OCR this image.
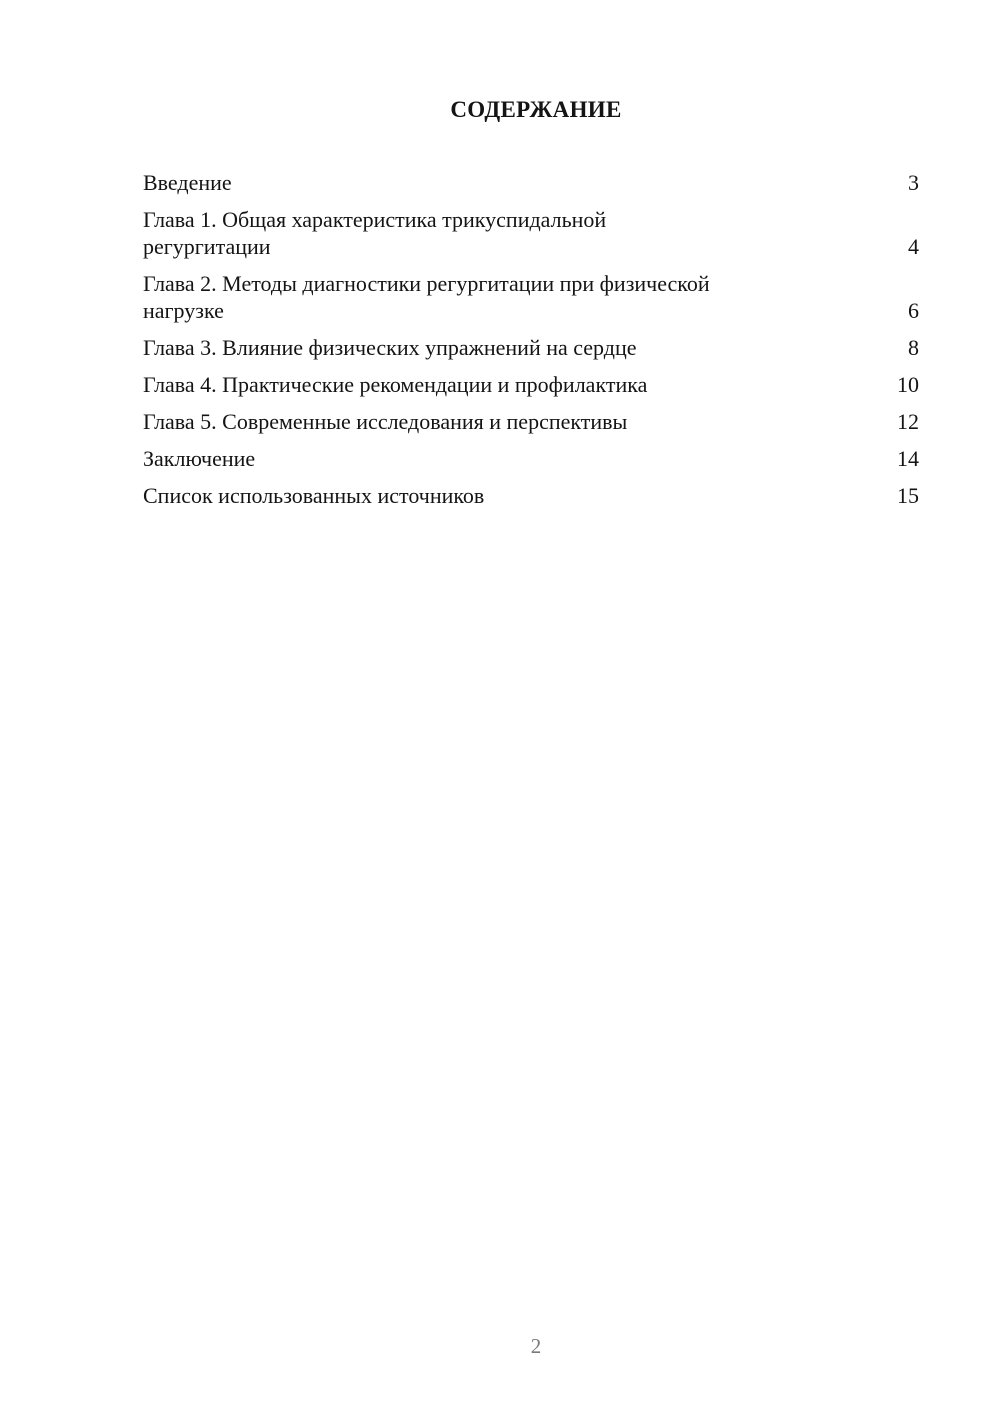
СОДЕРЖАНИЕ
Введение	3
Глава 1. Общая характеристика трикуспидальной
регургитации	4
Глава 2. Методы диагностики регургитации при физической
нагрузке	6
Глава 3. Влияние физических упражнений на сердце	8
Глава 4. Практические рекомендации и профилактика	10
Глава 5. Современные исследования и перспективы	12
Заключение	14
Список использованных источников	15
2
